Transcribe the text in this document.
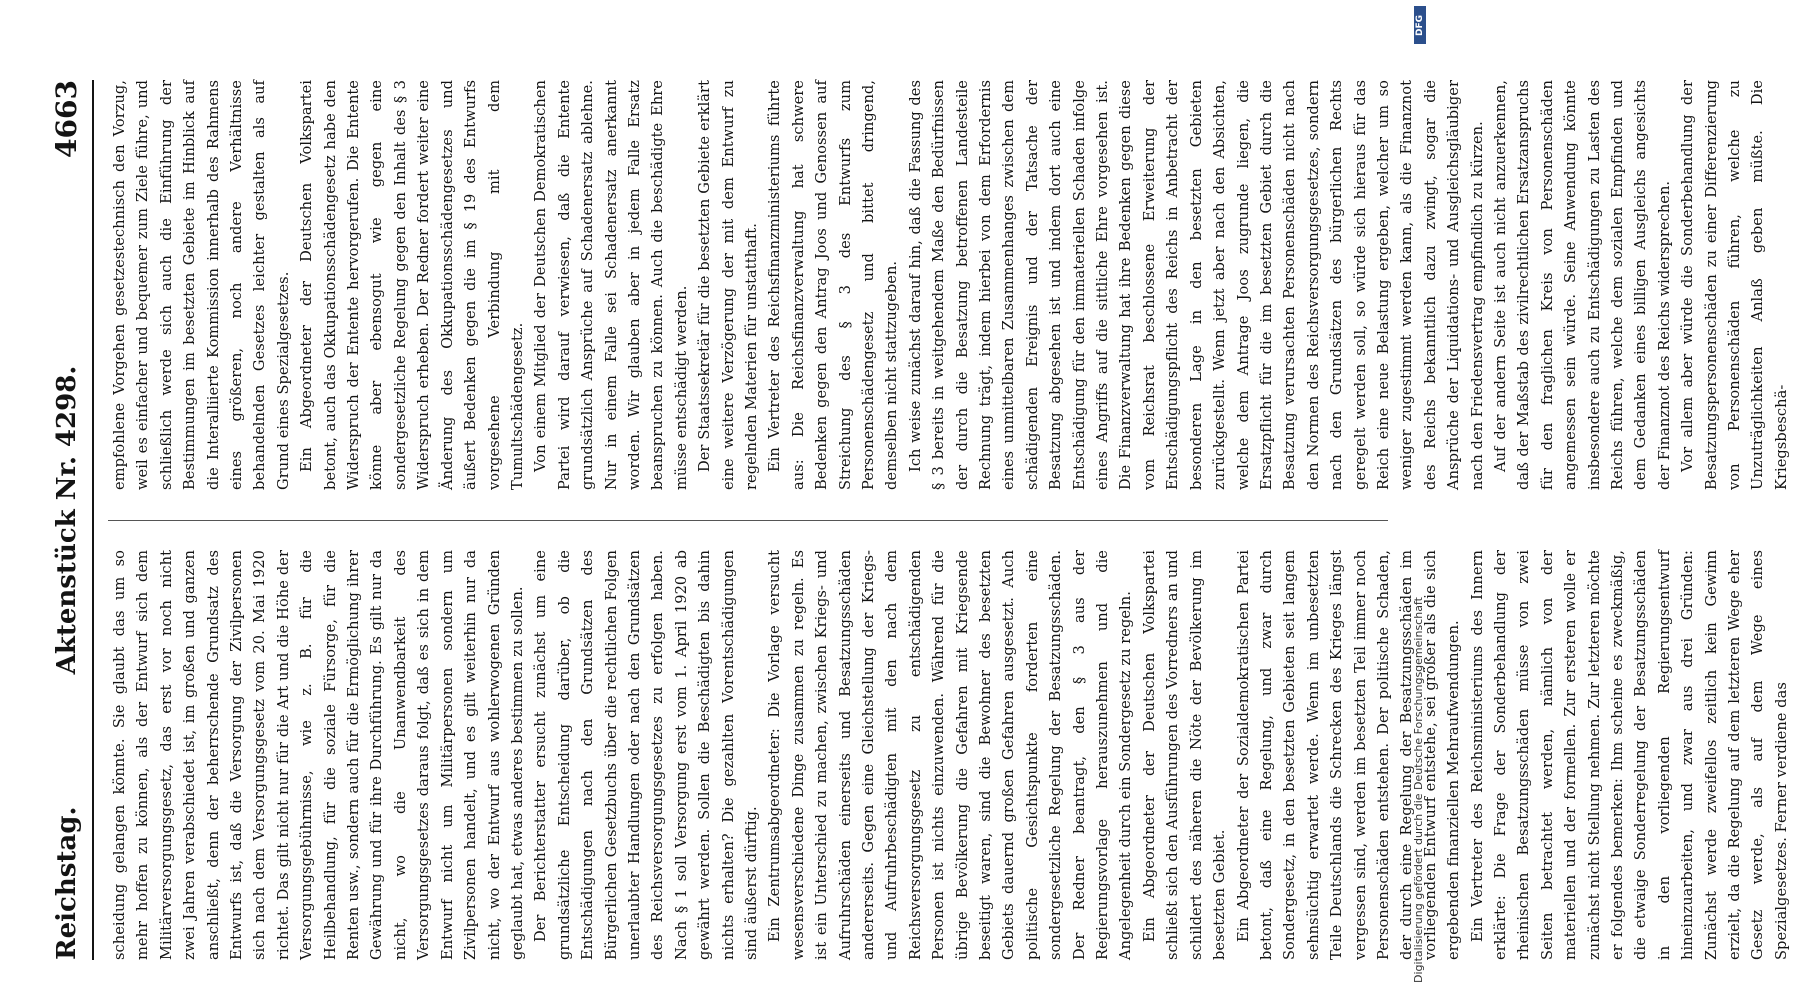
Reichstag.
Aktenstück Nr. 4298.
4663

scheidung gelangen könnte. Sie glaubt das um so mehr hoffen zu können, als der Entwurf sich dem Militärversorgungsgesetz, das erst vor noch nicht zwei Jahren verabschiedet ist, im großen und ganzen anschließt, denn der beherrschende Grundsatz des Entwurfs ist, daß die Versorgung der Zivilpersonen sich nach dem Versorgungsgesetz vom 20. Mai 1920 richtet. Das gilt nicht nur für die Art und die Höhe der Versorgungsgebührnisse, wie z. B. für die Heilbehandlung, für die soziale Fürsorge, für die Renten usw., sondern auch für die Ermöglichung ihrer Gewährung und für ihre Durchführung. Es gilt nur da nicht, wo die Unanwendbarkeit des Versorgungsgesetzes daraus folgt, daß es sich in dem Entwurf nicht um Militärpersonen sondern um Zivilpersonen handelt, und es gilt weiterhin nur da nicht, wo der Entwurf aus wohlerwogenen Gründen geglaubt hat, etwas anderes bestimmen zu sollen. Der Berichterstatter ersucht zunächst um eine grundsätzliche Entscheidung darüber, ob die Entschädigungen nach den Grundsätzen des Bürgerlichen Gesetzbuchs über die rechtlichen Folgen unerlaubter Handlungen oder nach den Grundsätzen des Reichsversorgungsgesetzes zu erfolgen haben. Nach § 1 soll Versorgung erst vom 1. April 1920 ab gewährt werden. Sollen die Beschädigten bis dahin nichts erhalten? Die gezahlten Vorentschädigungen sind äußerst dürftig. Ein Zentrumsabgeordneter: Die Vorlage versucht wesensverschiedene Dinge zusammen zu regeln. Es ist ein Unterschied zu machen, zwischen Kriegs- und Aufruhrschäden einerseits und Besatzungsschäden andererseits. Gegen eine Gleichstellung der Kriegs- und Aufruhrbeschädigten mit den nach dem Reichsversorgungsgesetz zu entschädigenden Personen ist nichts einzuwenden. Während für die übrige Bevölkerung die Gefahren mit Kriegsende beseitigt waren, sind die Bewohner des besetzten Gebiets dauernd großen Gefahren ausgesetzt. Auch politische Gesichtspunkte forderten eine sondergesetzliche Regelung der Besatzungsschäden. Der Redner beantragt, den § 3 aus der Regierungsvorlage herauszunehmen und die Angelegenheit durch ein Sondergesetz zu regeln. Ein Abgeordneter der Deutschen Volkspartei schließt sich den Ausführungen des Vorredners an und schildert des näheren die Nöte der Bevölkerung im besetzten Gebiet. Ein Abgeordneter der Sozialdemokratischen Partei betont, daß eine Regelung, und zwar durch Sondergesetz, in den besetzten Gebieten seit langem sehnsüchtig erwartet werde. Wenn im unbesetzten Teile Deutschlands die Schrecken des Krieges längst vergessen sind, werden im besetzten Teil immer noch Personenschäden entstehen. Der politische Schaden, der durch eine Regelung der Besatzungsschäden im vorliegenden Entwurf entstehe, sei größer als die sich ergebenden finanziellen Mehraufwendungen. Ein Vertreter des Reichsministeriums des Innern erklärte: Die Frage der Sonderbehandlung der rheinischen Besatzungsschäden müsse von zwei Seiten betrachtet werden, nämlich von der materiellen und der formellen. Zur ersteren wolle er zunächst nicht Stellung nehmen. Zur letzteren möchte er folgendes bemerken: Ihm scheine es zweckmäßig, die etwaige Sonderregelung der Besatzungsschäden in den vorliegenden Regierungsentwurf hineinzuarbeiten, und zwar aus drei Gründen: Zunächst werde zweifellos zeitlich kein Gewinn erzielt, da die Regelung auf dem letzteren Wege eher Gesetz werde, als auf dem Wege eines Spezialgesetzes. Ferner verdiene das

empfohlene Vorgehen gesetzestechnisch den Vorzug, weil es einfacher und bequemer zum Ziele führe, und schließlich werde sich auch die Einführung der Bestimmungen im besetzten Gebiete im Hinblick auf die Interalliierte Kommission innerhalb des Rahmens eines größeren, noch andere Verhältnisse behandelnden Gesetzes leichter gestalten als auf Grund eines Spezialgesetzes. Ein Abgeordneter der Deutschen Volkspartei betont, auch das Okkupationsschädengesetz habe den Widerspruch der Entente hervorgerufen. Die Entente könne aber ebensogut wie gegen eine sondergesetzliche Regelung gegen den Inhalt des § 3 Widerspruch erheben. Der Redner fordert weiter eine Änderung des Okkupationsschädengesetzes und äußert Bedenken gegen die im § 19 des Entwurfs vorgesehene Verbindung mit dem Tumultschädengesetz. Von einem Mitglied der Deutschen Demokratischen Partei wird darauf verwiesen, daß die Entente grundsätzlich Ansprüche auf Schadenersatz ablehne. Nur in einem Falle sei Schadenersatz anerkannt worden. Wir glauben aber in jedem Falle Ersatz beanspruchen zu können. Auch die beschädigte Ehre müsse entschädigt werden. Der Staatssekretär für die besetzten Gebiete erklärt eine weitere Verzögerung der mit dem Entwurf zu regelnden Materien für unstatthaft. Ein Vertreter des Reichsfinanzministeriums führte aus: Die Reichsfinanzverwaltung hat schwere Bedenken gegen den Antrag Joos und Genossen auf Streichung des § 3 des Entwurfs zum Personenschädengesetz und bittet dringend, demselben nicht stattzugeben. Ich weise zunächst darauf hin, daß die Fassung des § 3 bereits in weitgehendem Maße den Bedürfnissen der durch die Besatzung betroffenen Landesteile Rechnung trägt, indem hierbei von dem Erfordernis eines unmittelbaren Zusammenhanges zwischen dem schädigenden Ereignis und der Tatsache der Besatzung abgesehen ist und indem dort auch eine Entschädigung für den immateriellen Schaden infolge eines Angriffs auf die sittliche Ehre vorgesehen ist. Die Finanzverwaltung hat ihre Bedenken gegen diese vom Reichsrat beschlossene Erweiterung der Entschädigungspflicht des Reichs in Anbetracht der besonderen Lage in den besetzten Gebieten zurückgestellt. Wenn jetzt aber nach den Absichten, welche dem Antrage Joos zugrunde liegen, die Ersatzpflicht für die im besetzten Gebiet durch die Besatzung verursachten Personenschäden nicht nach den Normen des Reichsversorgungsgesetzes, sondern nach den Grundsätzen des bürgerlichen Rechts geregelt werden soll, so würde sich hieraus für das Reich eine neue Belastung ergeben, welcher um so weniger zugestimmt werden kann, als die Finanznot des Reichs bekanntlich dazu zwingt, sogar die Ansprüche der Liquidations- und Ausgleichsgläubiger nach den Friedensvertrag empfindlich zu kürzen. Auf der andern Seite ist auch nicht anzuerkennen, daß der Maßstab des zivilrechtlichen Ersatzanspruchs für den fraglichen Kreis von Personenschäden angemessen sein würde. Seine Anwendung könnte insbesondere auch zu Entschädigungen zu Lasten des Reichs führen, welche dem sozialen Empfinden und dem Gedanken eines billigen Ausgleichs angesichts der Finanznot des Reichs widersprechen. Vor allem aber würde die Sonderbehandlung der Besatzungspersonenschäden zu einer Differenzierung von Personenschäden führen, welche zu Unzuträglichkeiten Anlaß geben müßte. Die Kriegsbeschä-

DFG
Digitalisierung gefördert durch die Deutsche Forschungsgemeinschaft
